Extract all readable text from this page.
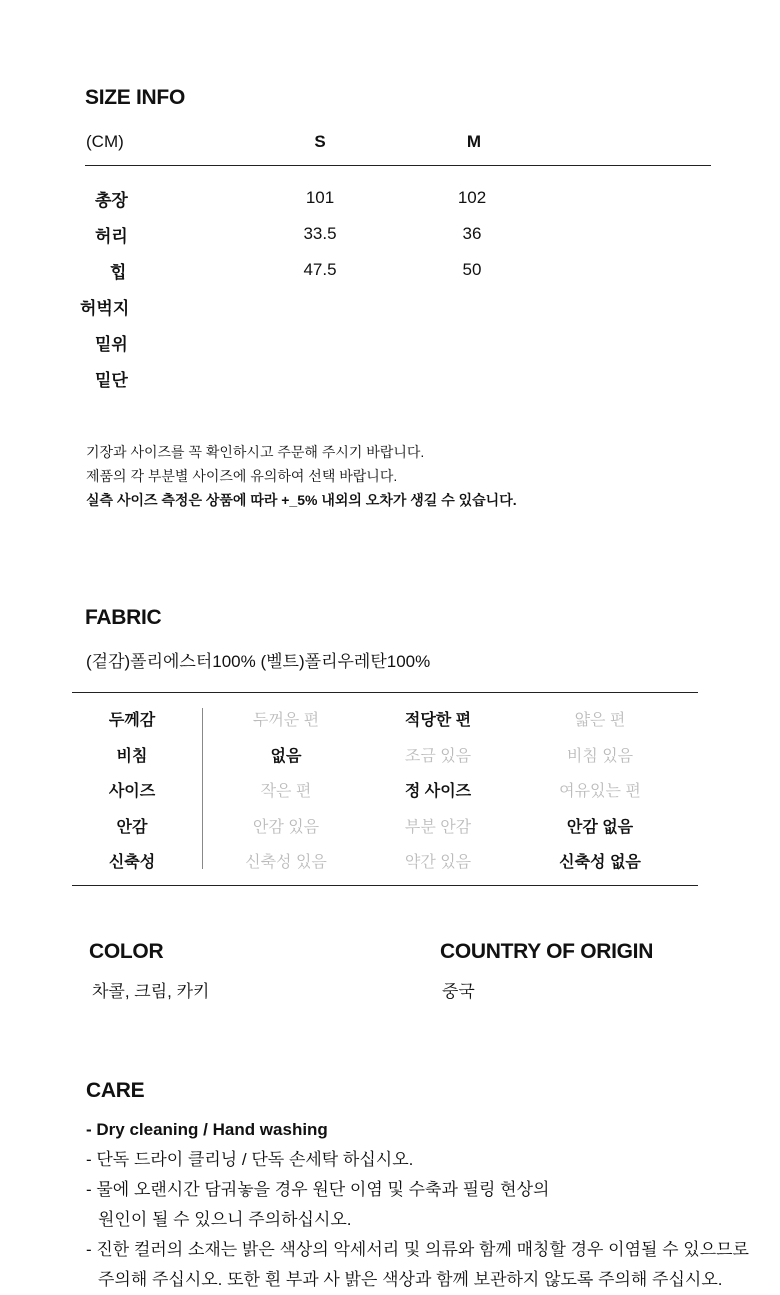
SIZE INFO
(CM)	S	M
총장	101	102
허리	33.5	36
힙	47.5	50
허벅지
밑위
밑단
기장과 사이즈를 꼭 확인하시고 주문해 주시기 바랍니다.
제품의 각 부분별 사이즈에 유의하여 선택 바랍니다.
실측 사이즈 측정은 상품에 따라 +_5% 내외의 오차가 생길 수 있습니다.
FABRIC
(겉감)폴리에스터100% (벨트)폴리우레탄100%
두께감	두꺼운 편	적당한 편	얇은 편
비침	없음	조금 있음	비침 있음
사이즈	작은 편	정 사이즈	여유있는 편
안감	안감 있음	부분 안감	안감 없음
신축성	신축성 있음	약간 있음	신축성 없음
COLOR
차콜, 크림, 카키
COUNTRY OF ORIGIN
중국
CARE
- Dry cleaning / Hand washing
- 단독 드라이 클리닝 / 단독 손세탁 하십시오.
- 물에 오랜시간 담궈놓을 경우 원단 이염 및 수축과 필링 현상의
원인이 될 수 있으니 주의하십시오.
- 진한 컬러의 소재는 밝은 색상의 악세서리 및 의류와 함께 매칭할 경우 이염될 수 있으므로
주의해 주십시오. 또한 흰 부과 사 밝은 색상과 함께 보관하지 않도록 주의해 주십시오.
